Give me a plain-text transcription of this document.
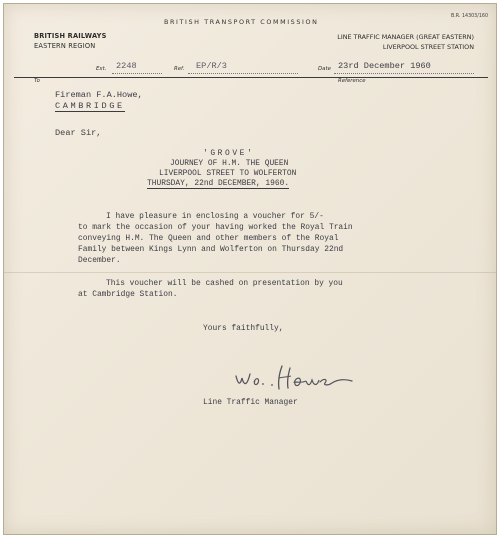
B.R. 14303/160
BRITISH TRANSPORT COMMISSION
BRITISH RAILWAYS
EASTERN REGION
LINE TRAFFIC MANAGER (GREAT EASTERN)
LIVERPOOL STREET STATION
Ext. 2248	Ref. EP/R/3	Date 23rd December 1960
To	Reference
Fireman F.A.Howe,
CAMBRIDGE
Dear Sir,
'GROVE'
JOURNEY OF H.M. THE QUEEN
LIVERPOOL STREET TO WOLFERTON
THURSDAY, 22nd DECEMBER, 1960.
I have pleasure in enclosing a voucher for 5/-
to mark the occasion of your having worked the Royal Train
conveying H.M. The Queen and other members of the Royal
Family between Kings Lynn and Wolferton on Thursday 22nd
December.
This voucher will be cashed on presentation by you
at Cambridge Station.
Yours faithfully,
Line Traffic Manager
